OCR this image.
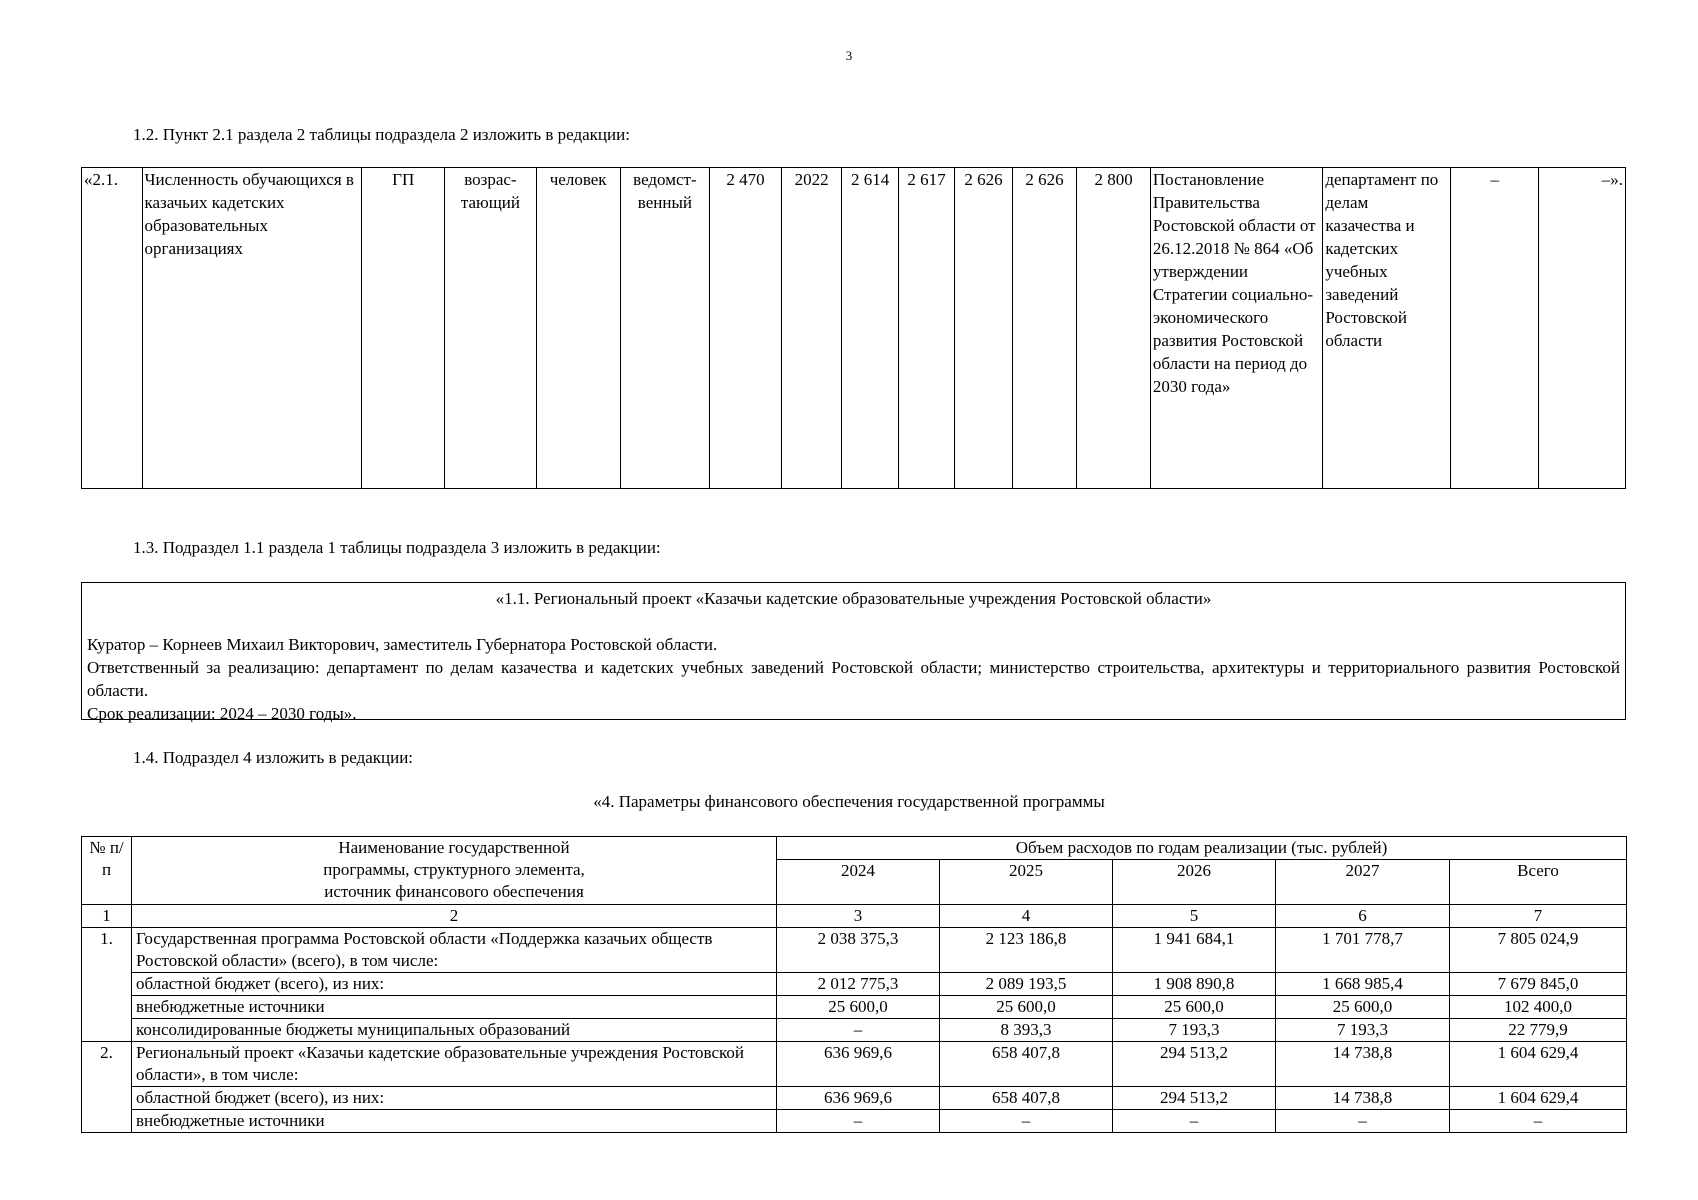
3
1.2. Пункт 2.1 раздела 2 таблицы подраздела 2 изложить в редакции:
«2.1.	Численность обучающихся в казачьих кадетских образовательных организациях	ГП	возрас-тающий	человек	ведомст-венный	2 470	2022	2 614	2 617	2 626	2 626	2 800	Постановление Правительства Ростовской области от 26.12.2018 № 864 «Об утверждении Стратегии социально-экономического развития Ростовской области на период до 2030 года»	департамент по делам казачества и кадетских учебных заведений Ростовской области	–	–».
1.3. Подраздел 1.1 раздела 1 таблицы подраздела 3 изложить в редакции:
«1.1. Региональный проект «Казачьи кадетские образовательные учреждения Ростовской области»
Куратор – Корнеев Михаил Викторович, заместитель Губернатора Ростовской области.
Ответственный за реализацию: департамент по делам казачества и кадетских учебных заведений Ростовской области; министерство строительства, архитектуры и территориального развития Ростовской области.
Срок реализации: 2024 – 2030 годы».
1.4. Подраздел 4 изложить в редакции:
«4. Параметры финансового обеспечения государственной программы
№ п/п	Наименование государственной программы, структурного элемента, источник финансового обеспечения	Объем расходов по годам реализации (тыс. рублей)				
		2024	2025	2026	2027	Всего
1	2	3	4	5	6	7
1.	Государственная программа Ростовской области «Поддержка казачьих обществ Ростовской области» (всего), в том числе:	2 038 375,3	2 123 186,8	1 941 684,1	1 701 778,7	7 805 024,9
	областной бюджет (всего), из них:	2 012 775,3	2 089 193,5	1 908 890,8	1 668 985,4	7 679 845,0
	внебюджетные источники	25 600,0	25 600,0	25 600,0	25 600,0	102 400,0
	консолидированные бюджеты муниципальных образований	–	8 393,3	7 193,3	7 193,3	22 779,9
2.	Региональный проект «Казачьи кадетские образовательные учреждения Ростовской области», в том числе:	636 969,6	658 407,8	294 513,2	14 738,8	1 604 629,4
	областной бюджет (всего), из них:	636 969,6	658 407,8	294 513,2	14 738,8	1 604 629,4
	внебюджетные источники	–	–	–	–	–
